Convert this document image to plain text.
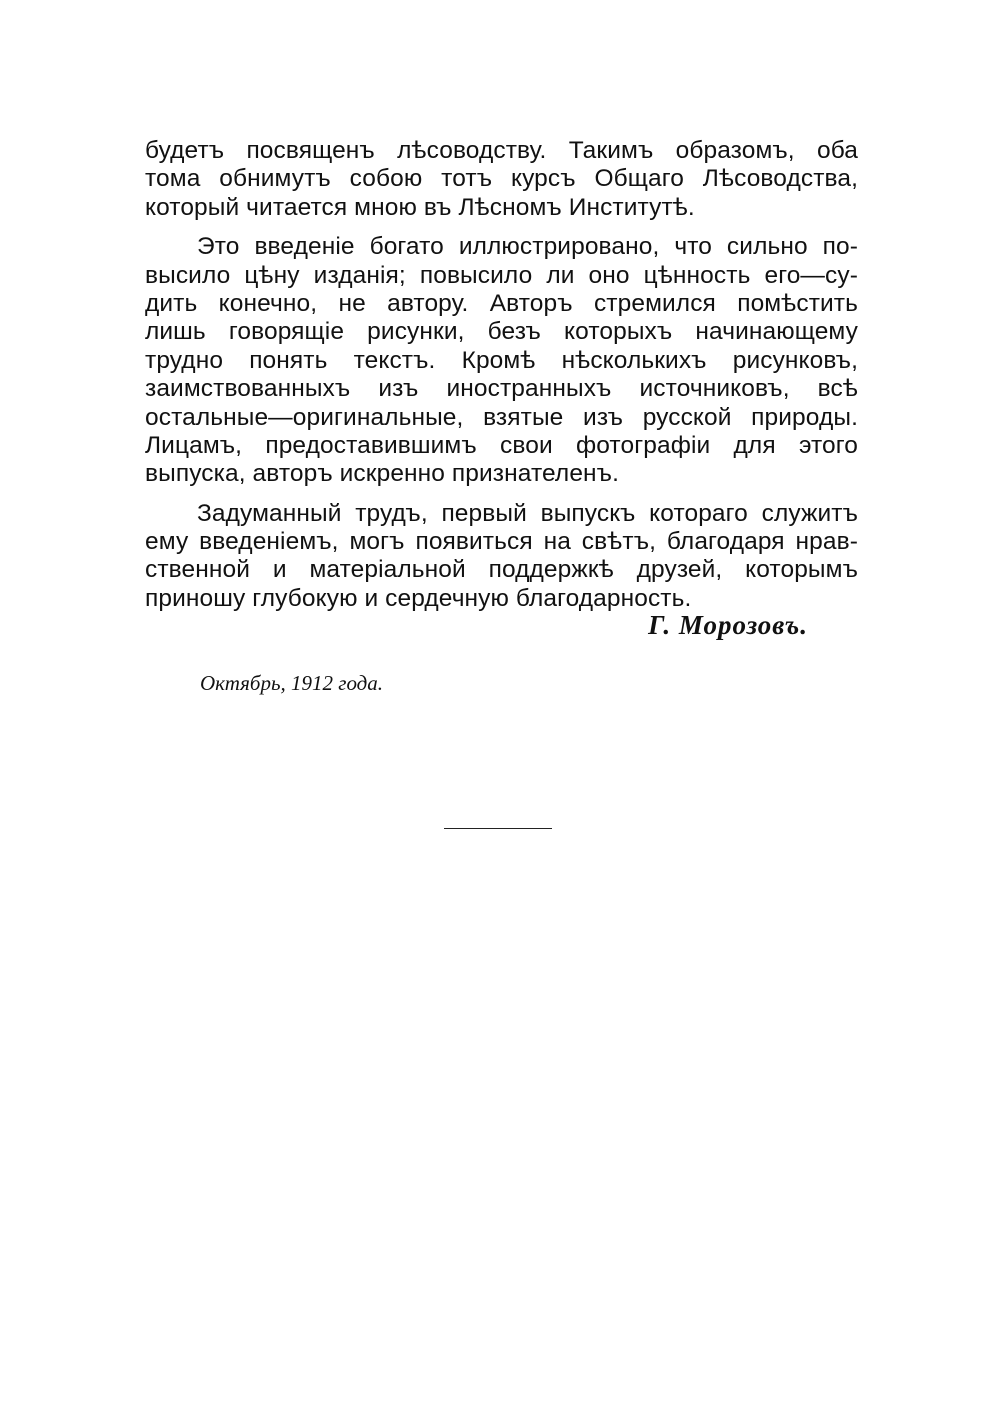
будетъ посвященъ лѣсоводству. Такимъ образомъ, оба
тома обнимутъ собою тотъ курсъ Общаго Лѣсоводства,
который читается мною въ Лѣсномъ Институтѣ.
Это введенiе богато иллюстрировано, что сильно по-
высило цѣну изданiя; повысило ли оно цѣнность его—су-
дить конечно, не автору. Авторъ стремился помѣстить
лишь говорящiе рисунки, безъ которыхъ начинающему
трудно понять текстъ. Кромѣ нѣсколькихъ рисунковъ,
заимствованныхъ изъ иностранныхъ источниковъ, всѣ
остальные—оригинальные, взятые изъ русской природы.
Лицамъ, предоставившимъ свои фотографiи для этого
выпуска, авторъ искренно признателенъ.
Задуманный трудъ, первый выпускъ котораго служитъ
ему введенiемъ, могъ появиться на свѣтъ, благодаря нрав-
ственной и матерiальной поддержкѣ друзей, которымъ
приношу глубокую и сердечную благодарность.
Г. Морозовъ.
Октябрь, 1912 года.
